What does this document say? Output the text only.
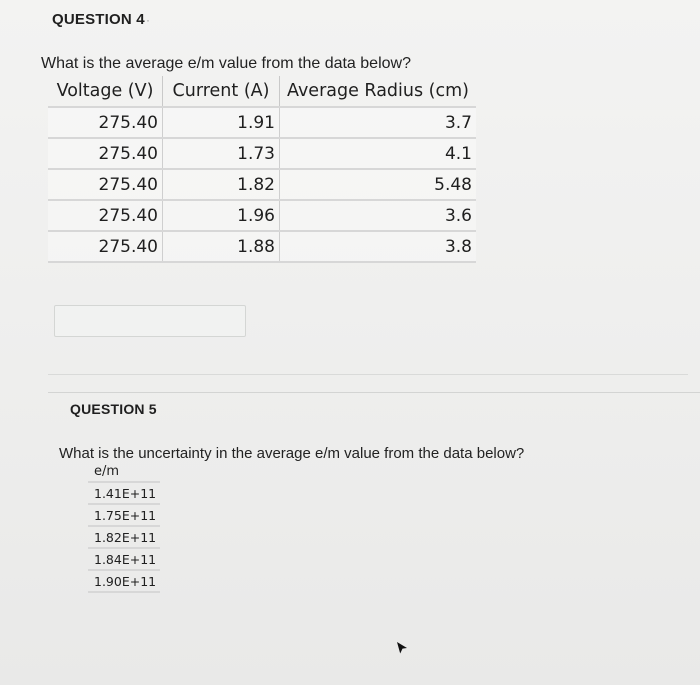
QUESTION 4 ·
What is the average e/m value from the data below?
Voltage (V)	Current (A)	Average Radius (cm)
275.40	1.91	3.7
275.40	1.73	4.1
275.40	1.82	5.48
275.40	1.96	3.6
275.40	1.88	3.8
QUESTION 5
What is the uncertainty in the average e/m value from the data below?
e/m
1.41E+11
1.75E+11
1.82E+11
1.84E+11
1.90E+11
